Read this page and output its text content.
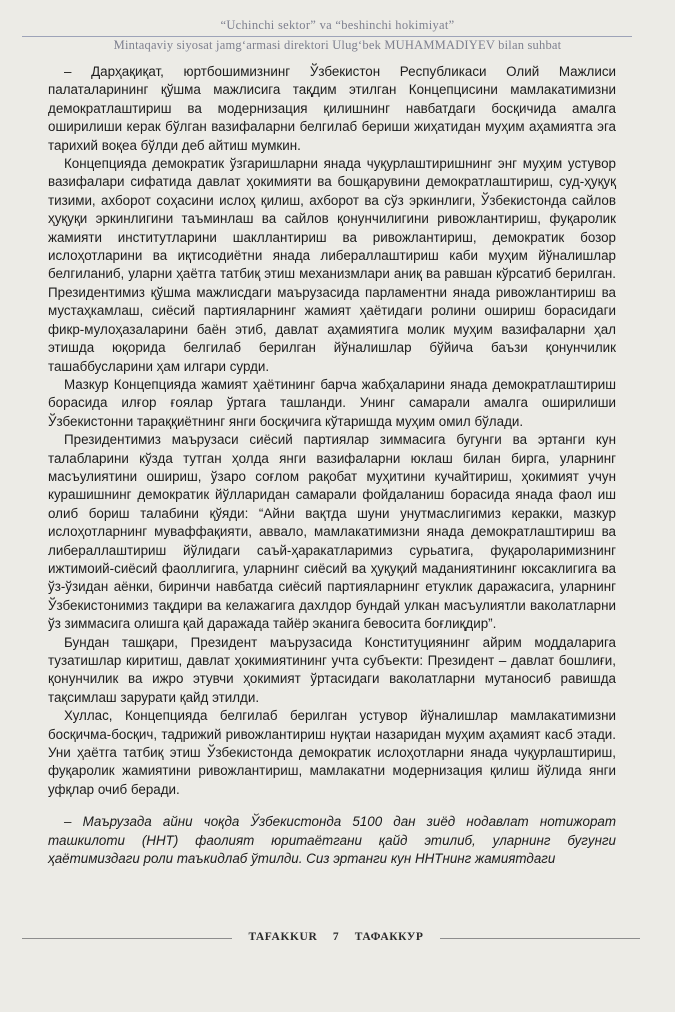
“Uchinchi sektor” va “beshinchi hokimiyat”
Mintaqaviy siyosat jamg‘armasi direktori Ulug‘bek MUHAMMADIYEV bilan suhbat

– Дарҳақиқат, юртбошимизнинг Ўзбекистон Республикаси Олий Мажлиси палаталарининг қўшма мажлисига тақдим этилган Концепцисини мамлакатимизни демократлаштириш ва модернизация қилишнинг навбатдаги босқичида амалга оширилиши керак бўлган вазифаларни белгилаб бериши жиҳатидан муҳим аҳамиятга эга тарихий воқеа бўлди деб айтиш мумкин.

Концепцияда демократик ўзгаришларни янада чуқурлаштиришнинг энг муҳим устувор вазифалари сифатида давлат ҳокимияти ва бошқарувини демократлаштириш, суд-ҳуқуқ тизими, ахборот соҳасини ислоҳ қилиш, ахборот ва сўз эркинлиги, Ўзбекистонда сайлов ҳуқуқи эркинлигини таъминлаш ва сайлов қонунчилигини ривожлантириш, фуқаролик жамияти институтларини шакллантириш ва ривожлантириш, демократик бозор ислоҳотларини ва иқтисодиётни янада либераллаштириш каби муҳим йўналишлар белгиланиб, уларни ҳаётга татбиқ этиш механизмлари аниқ ва равшан кўрсатиб берилган. Президентимиз қўшма мажлисдаги маърузасида парламентни янада ривожлантириш ва мустаҳкамлаш, сиёсий партияларнинг жамият ҳаётидаги ролини ошириш борасидаги фикр-мулоҳазаларини баён этиб, давлат аҳамиятига молик муҳим вазифаларни ҳал этишда юқорида белгилаб берилган йўналишлар бўйича баъзи қонунчилик ташаббусларини ҳам илгари сурди.

Мазкур Концепцияда жамият ҳаётининг барча жабҳаларини янада демократлаштириш борасида илғор ғоялар ўртага ташланди. Унинг самарали амалга оширилиши Ўзбекистонни тараққиётнинг янги босқичига кўтаришда муҳим омил бўлади.

Президентимиз маърузаси сиёсий партиялар зиммасига бугунги ва эртанги кун талабларини кўзда тутган ҳолда янги вазифаларни юклаш билан бирга, уларнинг масъулиятини ошириш, ўзаро соғлом рақобат муҳитини кучайтириш, ҳокимият учун курашишнинг демократик йўлларидан самарали фойдаланиш борасида янада фаол иш олиб бориш талабини қўяди: “Айни вақтда шуни унутмаслигимиз керакки, мазкур ислоҳотларнинг муваффақияти, аввало, мамлакатимизни янада демократлаштириш ва либераллаштириш йўлидаги саъй-ҳаракатларимиз сурьатига, фуқароларимизнинг ижтимоий-сиёсий фаоллигига, уларнинг сиёсий ва ҳуқуқий маданиятининг юксаклигига ва ўз-ўзидан аёнки, биринчи навбатда сиёсий партияларнинг етуклик даражасига, уларнинг Ўзбекистонимиз тақдири ва келажагига дахлдор бундай улкан масъулиятли ваколатларни ўз зиммасига олишга қай даражада тайёр эканига бевосита боғлиқдир”.

Бундан ташқари, Президент маърузасида Конституциянинг айрим моддаларига тузатишлар киритиш, давлат ҳокимиятининг учта субъекти: Президент – давлат бошлиғи, қонунчилик ва ижро этувчи ҳокимият ўртасидаги ваколатларни мутаносиб равишда тақсимлаш зарурати қайд этилди.

Хуллас, Концепцияда белгилаб берилган устувор йўналишлар мамлакатимизни босқичма-босқич, тадрижий ривожлантириш нуқтаи назаридан муҳим аҳамият касб этади. Уни ҳаётга татбиқ этиш Ўзбекистонда демократик ислоҳотларни янада чуқурлаштириш, фуқаролик жамиятини ривожлантириш, мамлакатни модернизация қилиш йўлида янги уфқлар очиб беради.

– Маърузада айни чоқда Ўзбекистонда 5100 дан зиёд нодавлат нотижорат ташкилоти (ННТ) фаолият юритаётгани қайд этилиб, уларнинг бугунги ҳаётимиздаги роли таъкидлаб ўтилди. Сиз эртанги кун ННТнинг жамиятдаги

TAFAKKUR 7 ТАФАККУР
